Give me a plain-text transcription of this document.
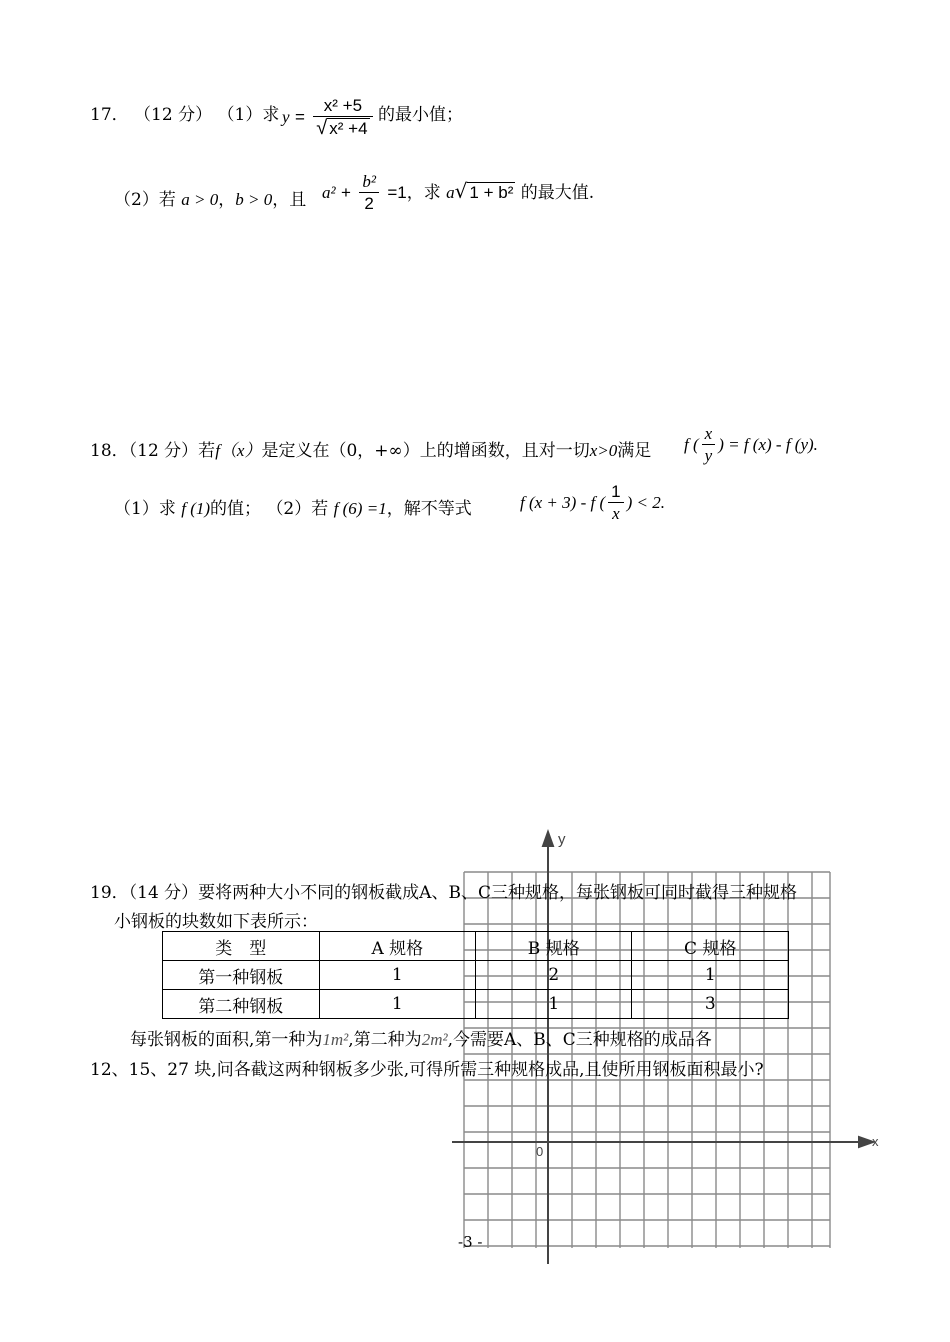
17． （12 分） （1）求 $y = \frac{\text{x² +5}}{\text{√ x² +4}}$ 的最小值；
（2）若 a > 0，b > 0，且 $a^2 + \frac{\text{b²}}{2} =1$，求 a√ 1 + b² 的最大值.
18．（12 分）若f（x）是定义在（0，+∞）上的增函数，且对一切x>0满足 f ( $\frac{x}{y}$ ) = f (x) - f (y).
（1）求 f (1)的值； （2）若 f (6) =1，解不等式	f (x + 3) - f ( $\frac{1}{x}$ ) < 2.
y
x
0
19．（14 分）要将两种大小不同的钢板截成A、B、C三种规格，每张钢板可同时截得三种规格
小钢板的块数如下表所示：
类　型	A 规格	B 规格	C 规格
第一种钢板	1	2	1
第二种钢板	1	1	3
每张钢板的面积,第一种为1m²,第二种为2m²,今需要A、B、C三种规格的成品各
12、15、27 块,问各截这两种钢板多少张,可得所需三种规格成品,且使所用钢板面积最小?
-3 -
